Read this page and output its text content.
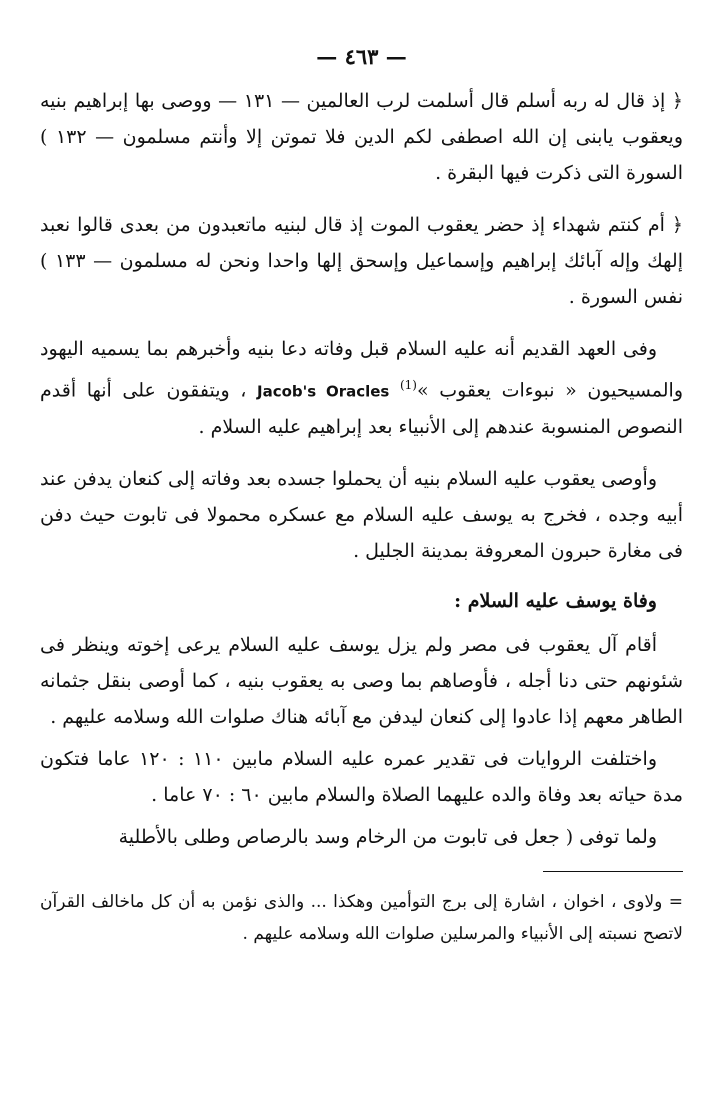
— ٤٦٣ —

﴿ إذ قال له ربه أسلم قال أسلمت لرب العالمين — ١٣١ — ووصى بها إبراهيم بنيه ويعقوب يابنى إن الله اصطفى لكم الدين فلا تموتن إلا وأنتم مسلمون — ١٣٢ ) السورة التى ذكرت فيها البقرة .

﴿ أم كنتم شهداء إذ حضر يعقوب الموت إذ قال لبنيه ماتعبدون من بعدى قالوا نعبد إلهك وإله آبائك إبراهيم وإسماعيل وإسحق إلها واحدا ونحن له مسلمون — ١٣٣ ) نفس السورة .

وفى العهد القديم أنه عليه السلام قبل وفاته دعا بنيه وأخبرهم بما يسميه اليهود والمسيحيون « نبوءات يعقوب »$^{(1)}$ Jacob's Oracles ، ويتفقون على أنها أقدم النصوص المنسوبة عندهم إلى الأنبياء بعد إبراهيم عليه السلام .

وأوصى يعقوب عليه السلام بنيه أن يحملوا جسده بعد وفاته إلى كنعان يدفن عند أبيه وجده ، فخرج به يوسف عليه السلام مع عسكره محمولا فى تابوت حيث دفن فى مغارة حبرون المعروفة بمدينة الجليل .

وفاة يوسف عليه السلام :

أقام آل يعقوب فى مصر ولم يزل يوسف عليه السلام يرعى إخوته وينظر فى شئونهم حتى دنا أجله ، فأوصاهم بما وصى به يعقوب بنيه ، كما أوصى بنقل جثمانه الطاهر معهم إذا عادوا إلى كنعان ليدفن مع آبائه هناك صلوات الله وسلامه عليهم .

واختلفت الروايات فى تقدير عمره عليه السلام مابين ١١٠ : ١٢٠ عاما فتكون مدة حياته بعد وفاة والده عليهما الصلاة والسلام مابين ٦٠ : ٧٠ عاما .

ولما توفى ( جعل فى تابوت من الرخام وسد بالرصاص وطلى بالأطلية

= ولاوى ، اخوان ، اشارة إلى برج التوأمين وهكذا ... والذى نؤمن به أن كل ماخالف القرآن لاتصح نسبته إلى الأنبياء والمرسلين صلوات الله وسلامه عليهم .
